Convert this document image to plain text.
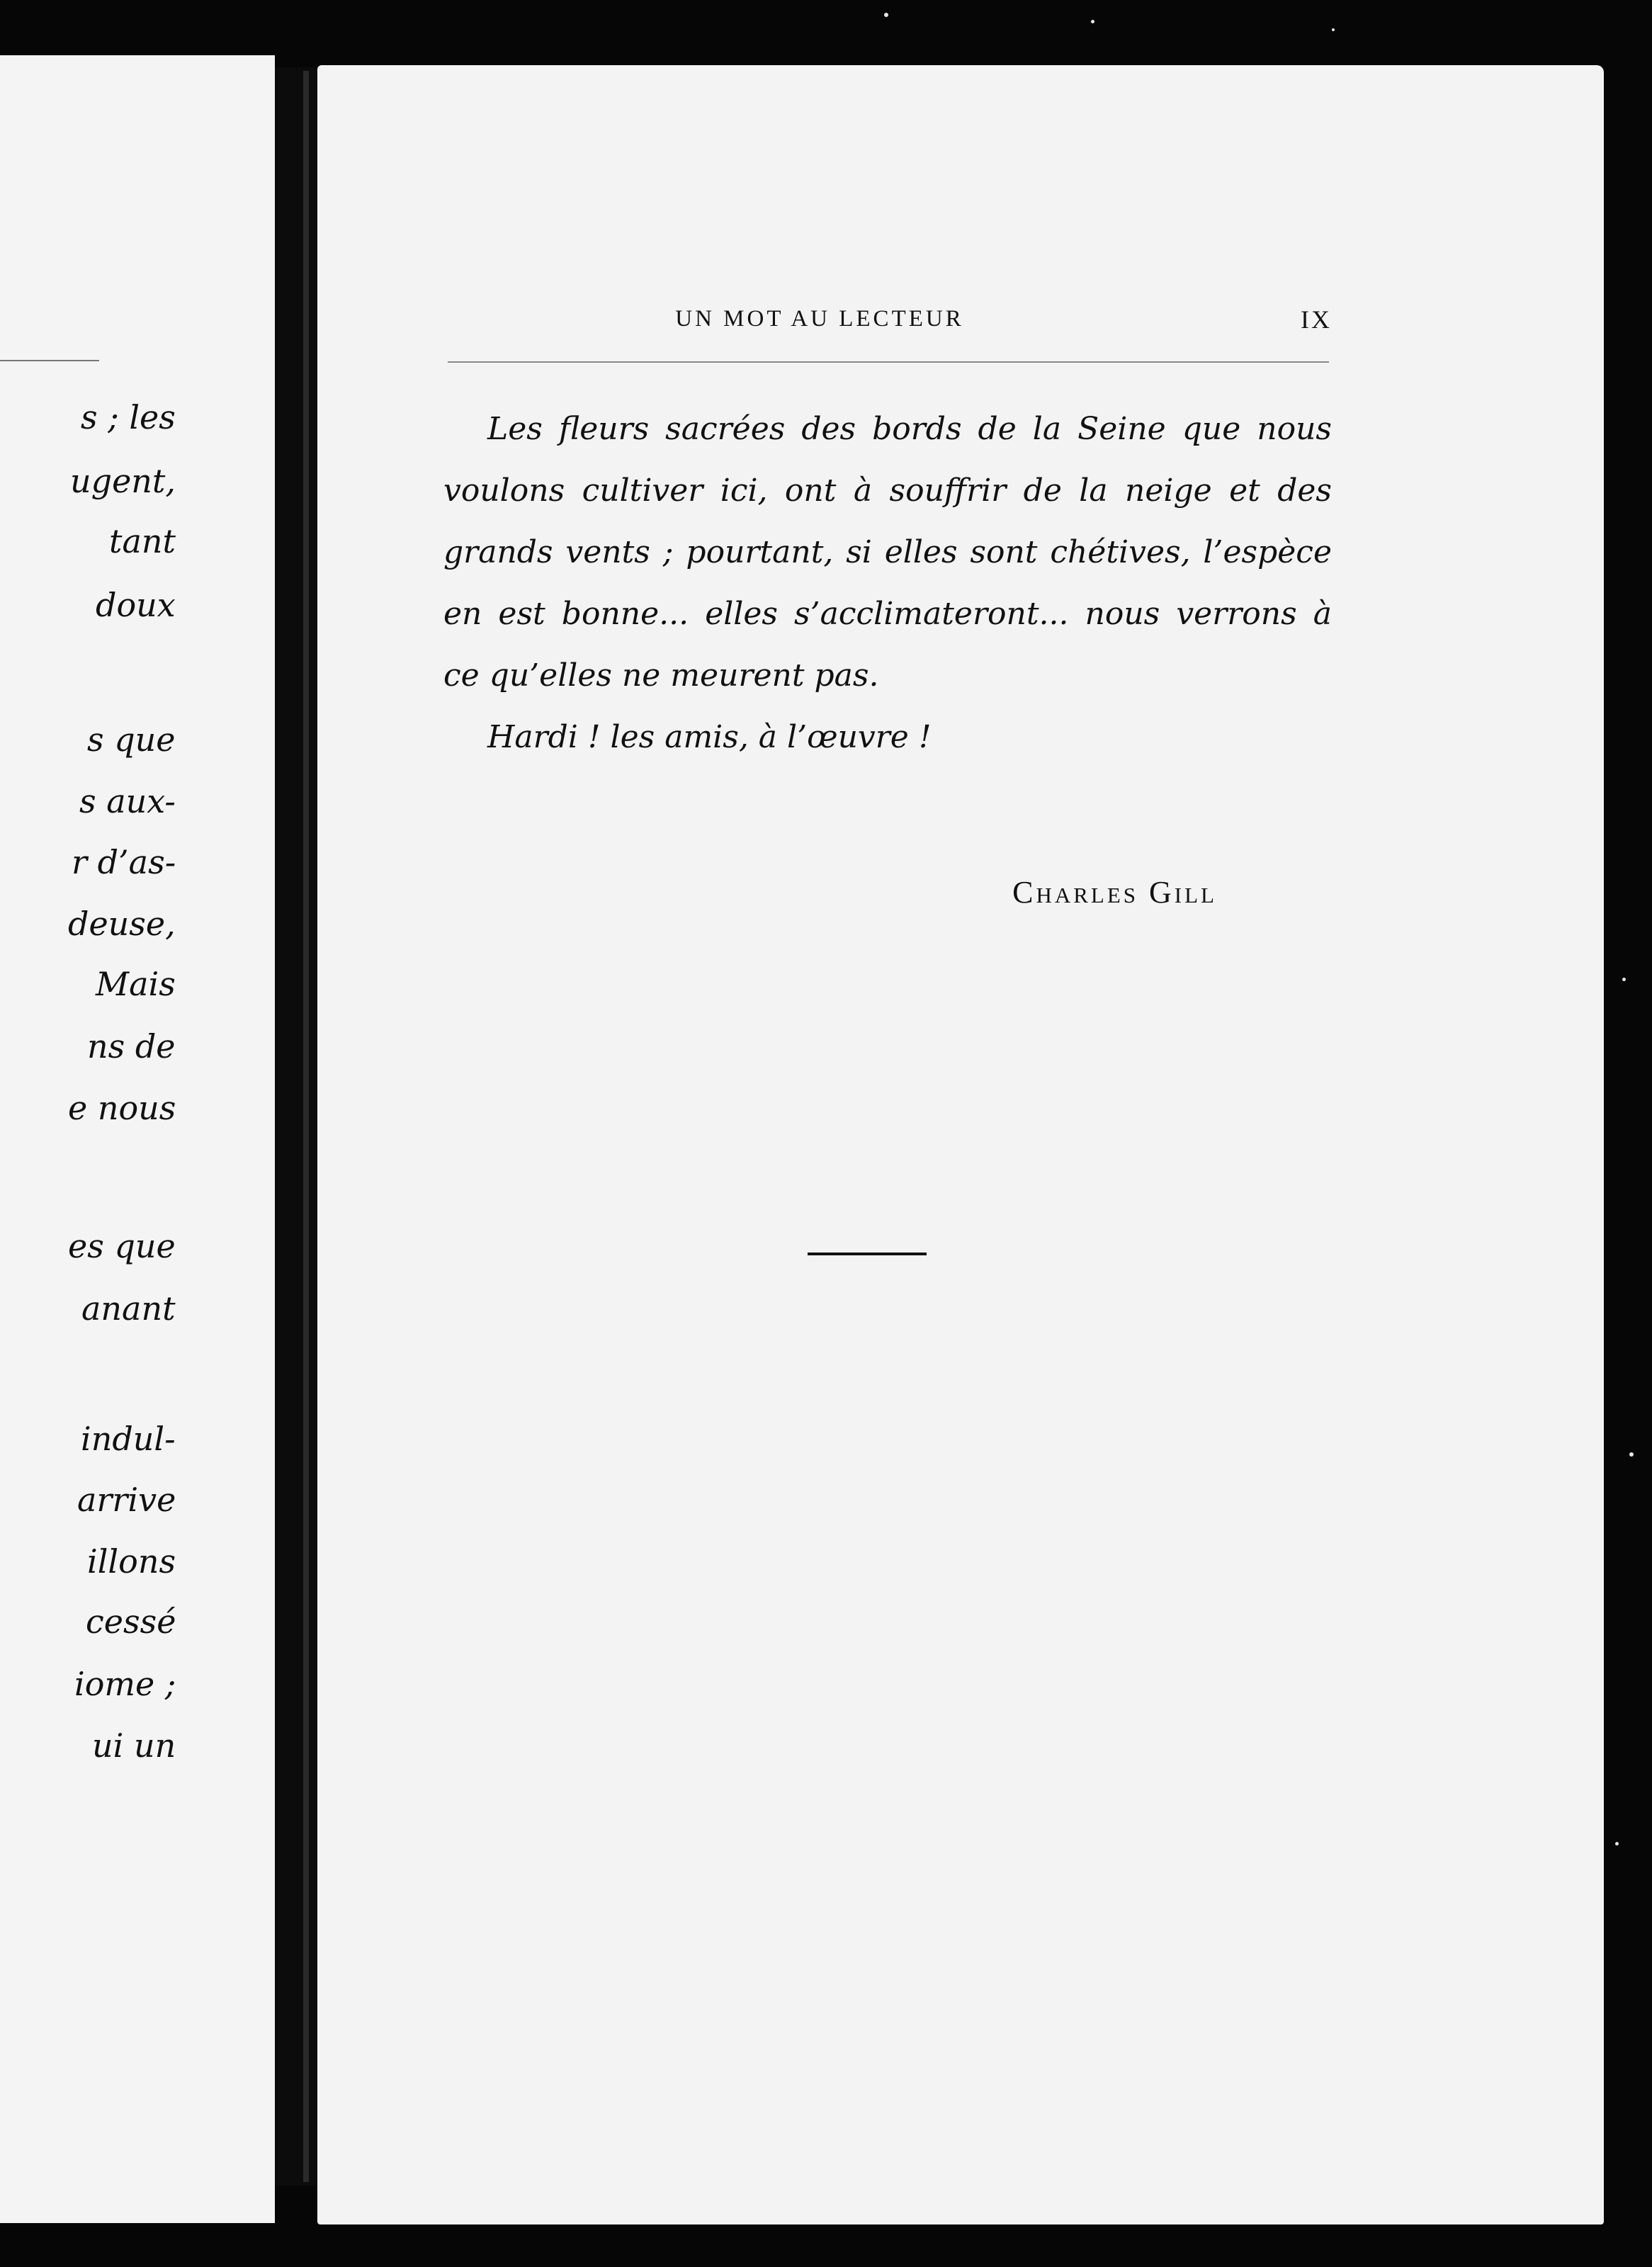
s ; les
ugent,
tant
doux
s que
s aux-
r d’as-
deuse,
Mais
ns de
e nous
es que
anant
indul-
arrive
illons
cessé
iome ;
ui un
UN MOT AU LECTEUR	IX

Les fleurs sacrées des bords de la Seine que nous voulons cultiver ici, ont à souffrir de la neige et des grands vents ; pourtant, si elles sont chétives, l’espèce en est bonne... elles s’acclimateront... nous verrons à ce qu’elles ne meurent pas.

Hardi ! les amis, à l’œuvre !

Charles Gill
